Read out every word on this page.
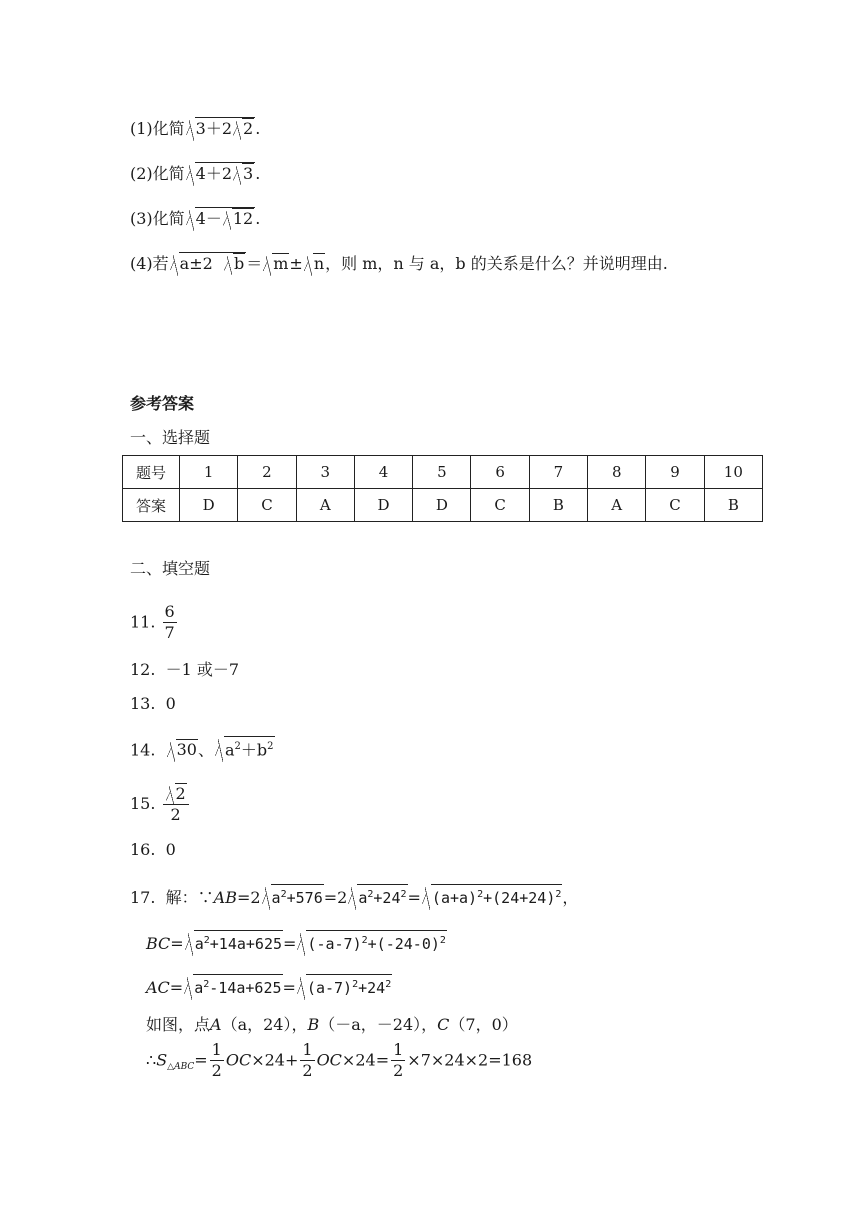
(1)化简 3＋2 2 .
(2)化简 4＋2 3 .
(3)化简 4－ 12 .
(4)若 a±2  b ＝ m± n，则 m，n 与 a，b 的关系是什么？并说明理由.
参考答案
一、选择题
题号	1	2	3	4	5	6	7	8	9	10
答案	D	C	A	D	D	C	B	A	C	B
二、填空题
11. $\frac{6}{7}$
12. －1 或－7
13. 0
14. 30、 $a^2+b^2$
15. $\frac{2}{2}$
16. 0
17. 解：∵AB=2 $a^2+576=2$ $a^2+24^2= (a+a)^2+(24+24)^2$，
$BC= a^2+14a+625= (-a-7)^2+(-24-0)^2$
$AC= a^2-14a+625= (a-7)^2+24^2$
如图，点A（a，24），B（－a，－24），C（7，0）
$\therefore S_{\triangle ABC}= \frac{1}{2} OC\times 24+ \frac{1}{2} OC\times 24= \frac{1}{2} \times 7\times 24\times 2=168$
